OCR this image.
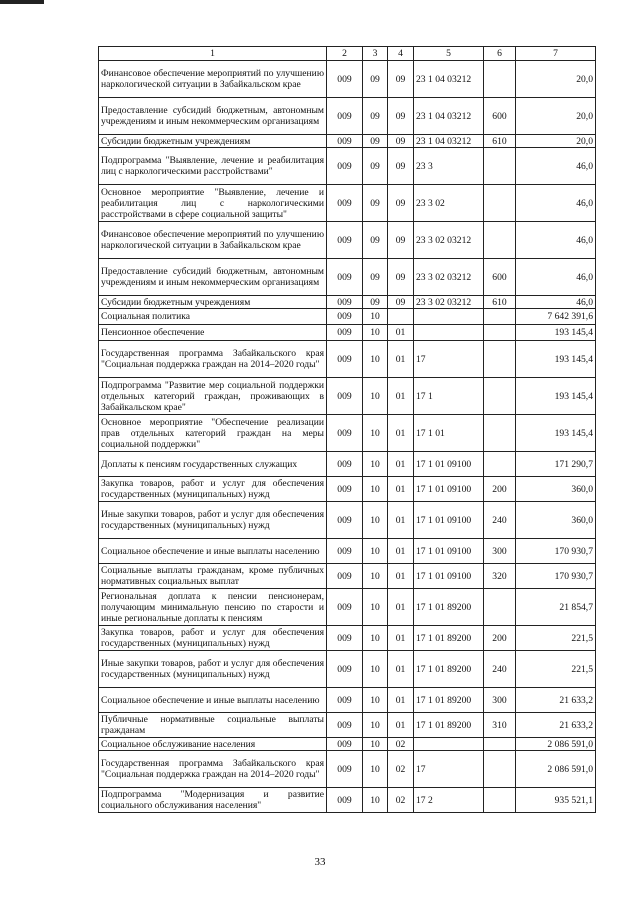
1	2	3	4	5	6	7
Финансовое обеспечение мероприятий по улучшению наркологической ситуации в Забайкальском крае	009	09	09	23 1 04 03212		20,0
Предоставление субсидий бюджетным, автономным учреждениям и иным некоммерческим организациям	009	09	09	23 1 04 03212	600	20,0
Субсидии бюджетным учреждениям	009	09	09	23 1 04 03212	610	20,0
Подпрограмма "Выявление, лечение и реабилитация лиц с наркологическими расстройствами"	009	09	09	23 3		46,0
Основное мероприятие "Выявление, лечение и реабилитация лиц с наркологическими расстройствами в сфере социальной защиты"	009	09	09	23 3 02		46,0
Финансовое обеспечение мероприятий по улучшению наркологической ситуации в Забайкальском крае	009	09	09	23 3 02 03212		46,0
Предоставление субсидий бюджетным, автономным учреждениям и иным некоммерческим организациям	009	09	09	23 3 02 03212	600	46,0
Субсидии бюджетным учреждениям	009	09	09	23 3 02 03212	610	46,0
Социальная политика	009	10				7 642 391,6
Пенсионное обеспечение	009	10	01			193 145,4
Государственная программа Забайкальского края "Социальная поддержка граждан на 2014–2020 годы"	009	10	01	17		193 145,4
Подпрограмма "Развитие мер социальной поддержки отдельных категорий граждан, проживающих в Забайкальском крае"	009	10	01	17 1		193 145,4
Основное мероприятие "Обеспечение реализации прав отдельных категорий граждан на меры социальной поддержки"	009	10	01	17 1 01		193 145,4
Доплаты к пенсиям государственных служащих	009	10	01	17 1 01 09100		171 290,7
Закупка товаров, работ и услуг для обеспечения государственных (муниципальных) нужд	009	10	01	17 1 01 09100	200	360,0
Иные закупки товаров, работ и услуг для обеспечения государственных (муниципальных) нужд	009	10	01	17 1 01 09100	240	360,0
Социальное обеспечение и иные выплаты населению	009	10	01	17 1 01 09100	300	170 930,7
Социальные выплаты гражданам, кроме публичных нормативных социальных выплат	009	10	01	17 1 01 09100	320	170 930,7
Региональная доплата к пенсии пенсионерам, получающим минимальную пенсию по старости и иные региональные доплаты к пенсиям	009	10	01	17 1 01 89200		21 854,7
Закупка товаров, работ и услуг для обеспечения государственных (муниципальных) нужд	009	10	01	17 1 01 89200	200	221,5
Иные закупки товаров, работ и услуг для обеспечения государственных (муниципальных) нужд	009	10	01	17 1 01 89200	240	221,5
Социальное обеспечение и иные выплаты населению	009	10	01	17 1 01 89200	300	21 633,2
Публичные нормативные социальные выплаты гражданам	009	10	01	17 1 01 89200	310	21 633,2
Социальное обслуживание населения	009	10	02			2 086 591,0
Государственная программа Забайкальского края "Социальная поддержка граждан на 2014–2020 годы"	009	10	02	17		2 086 591,0
Подпрограмма "Модернизация и развитие социального обслуживания населения"	009	10	02	17 2		935 521,1
33
